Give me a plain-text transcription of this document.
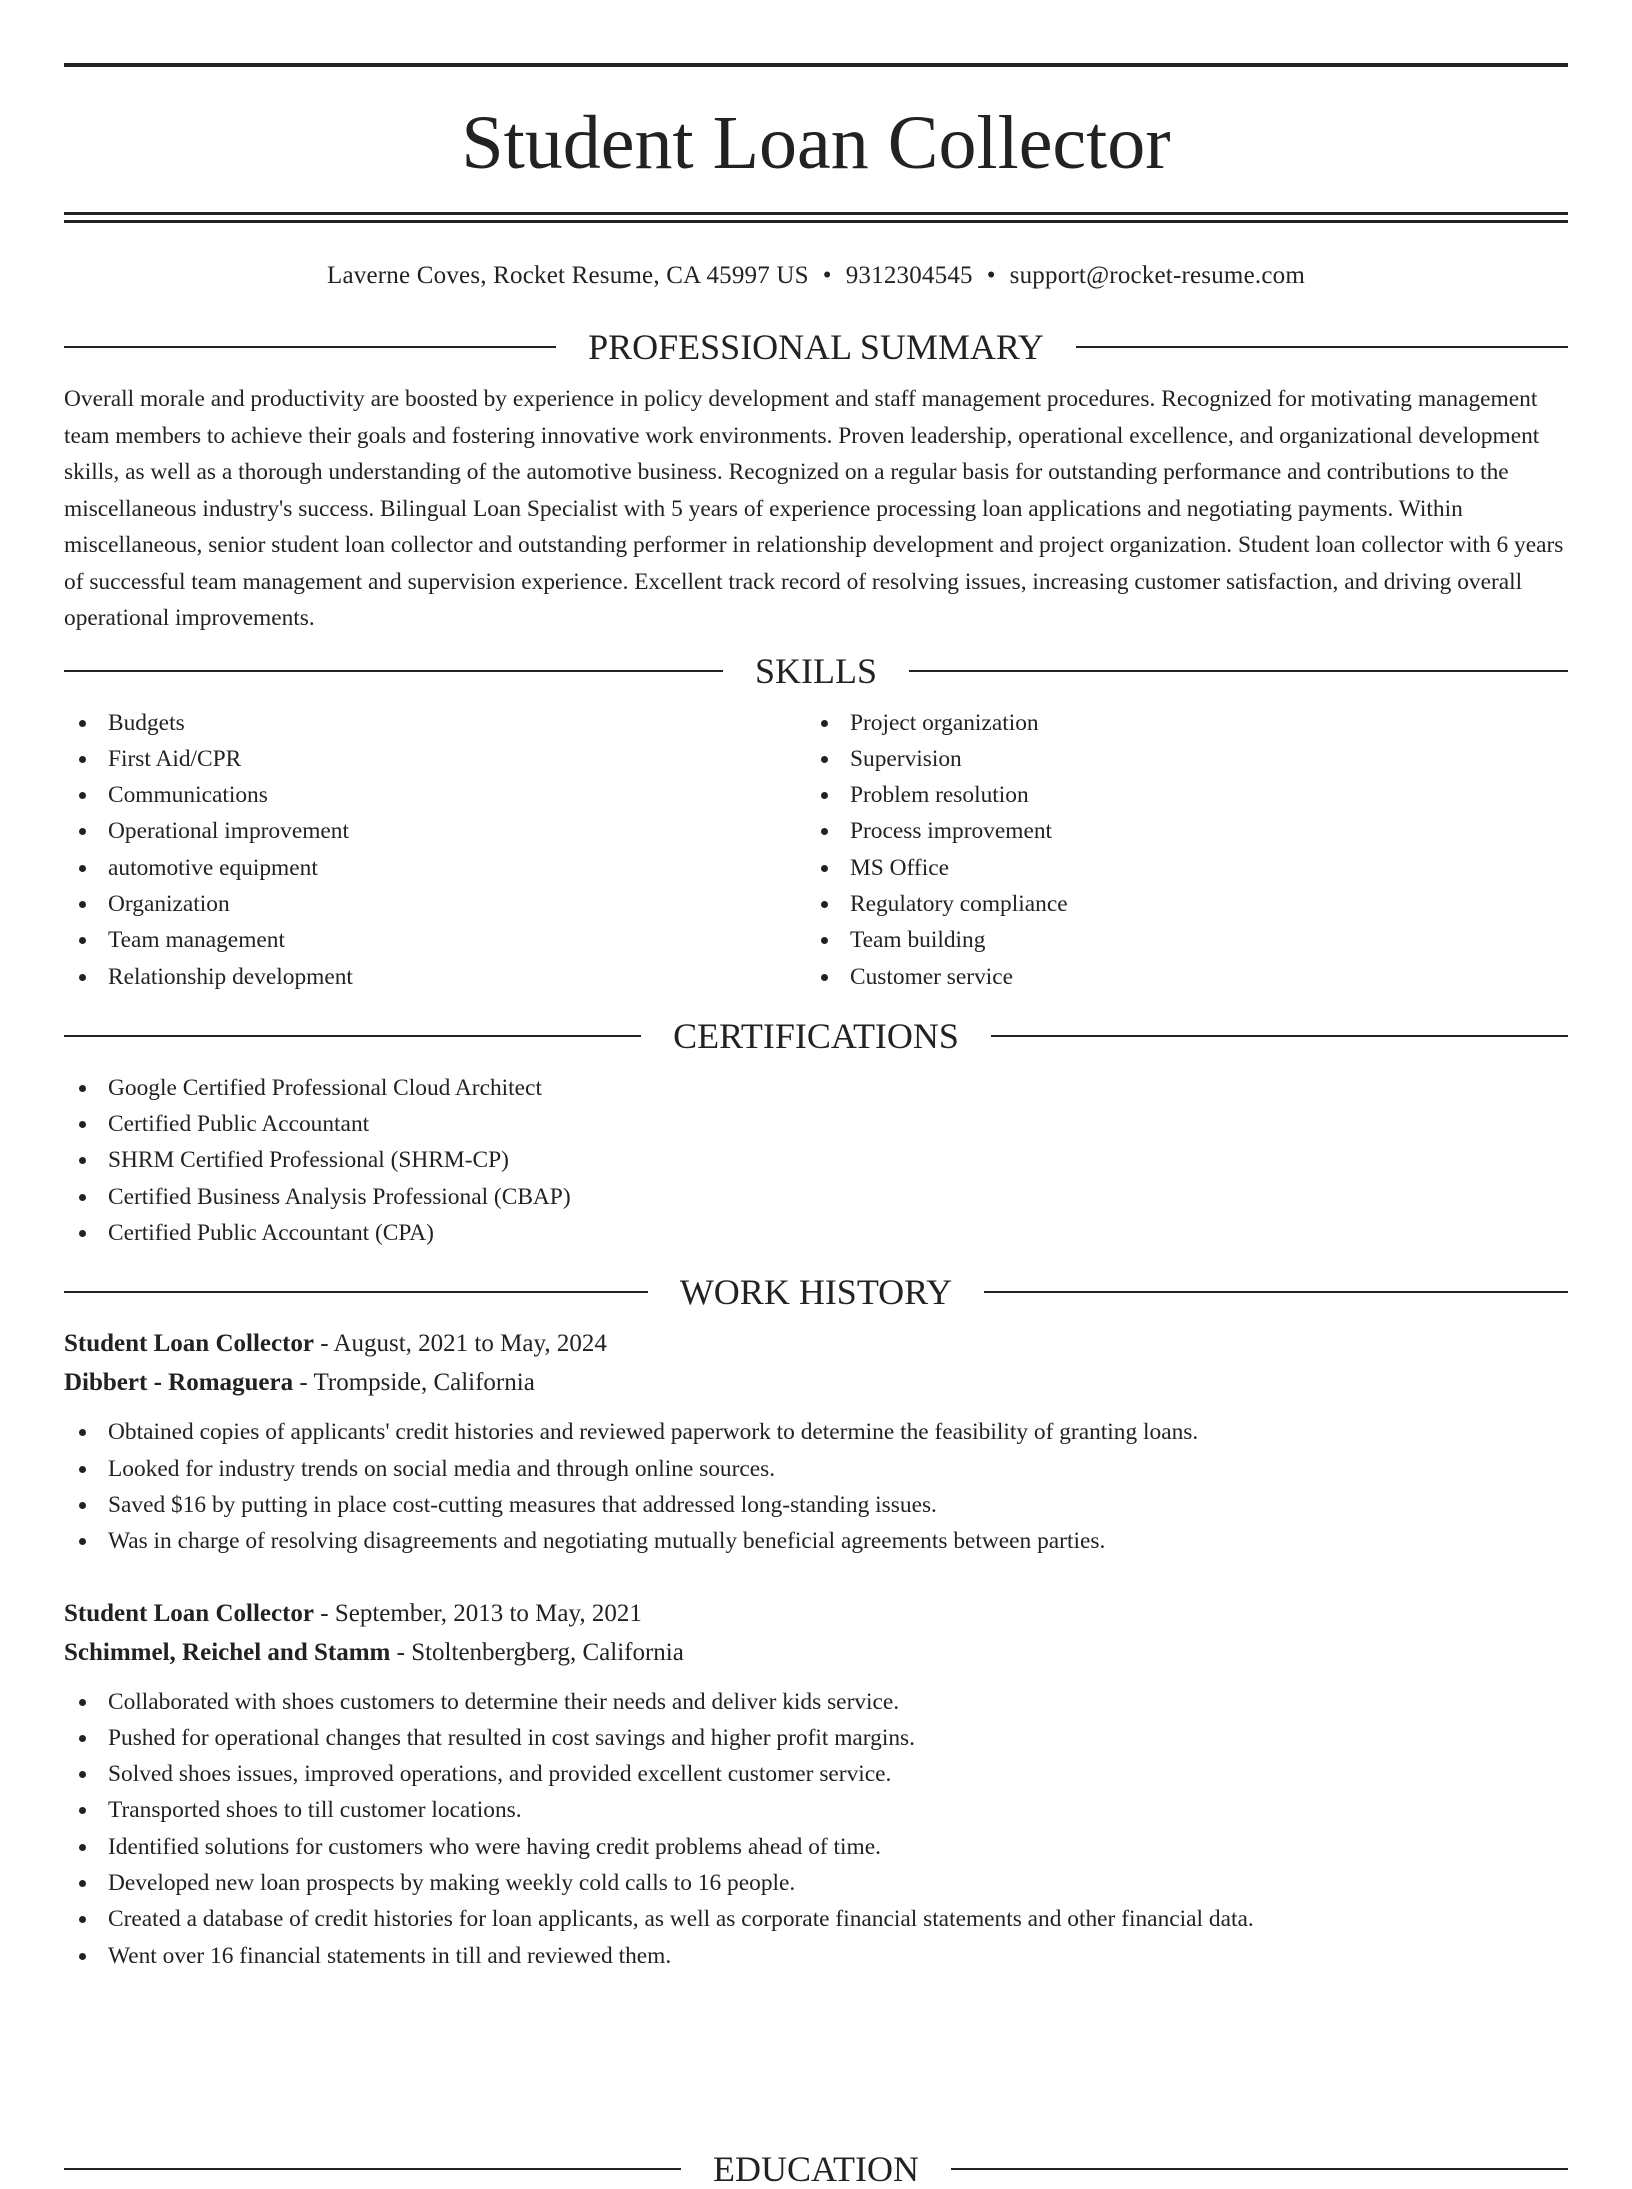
Student Loan Collector
Laverne Coves, Rocket Resume, CA 45997 US • 9312304545 • support@rocket-resume.com
PROFESSIONAL SUMMARY

Overall morale and productivity are boosted by experience in policy development and staff management procedures. Recognized for motivating management team members to achieve their goals and fostering innovative work environments. Proven leadership, operational excellence, and organizational development skills, as well as a thorough understanding of the automotive business. Recognized on a regular basis for outstanding performance and contributions to the miscellaneous industry's success. Bilingual Loan Specialist with 5 years of experience processing loan applications and negotiating payments. Within miscellaneous, senior student loan collector and outstanding performer in relationship development and project organization. Student loan collector with 6 years of successful team management and supervision experience. Excellent track record of resolving issues, increasing customer satisfaction, and driving overall operational improvements.

SKILLS
Budgets
First Aid/CPR
Communications
Operational improvement
automotive equipment
Organization
Team management
Relationship development
Project organization
Supervision
Problem resolution
Process improvement
MS Office
Regulatory compliance
Team building
Customer service
CERTIFICATIONS
Google Certified Professional Cloud Architect
Certified Public Accountant
SHRM Certified Professional (SHRM-CP)
Certified Business Analysis Professional (CBAP)
Certified Public Accountant (CPA)
WORK HISTORY
Student Loan Collector - August, 2021 to May, 2024
Dibbert - Romaguera - Trompside, California
Obtained copies of applicants' credit histories and reviewed paperwork to determine the feasibility of granting loans.
Looked for industry trends on social media and through online sources.
Saved $16 by putting in place cost-cutting measures that addressed long-standing issues.
Was in charge of resolving disagreements and negotiating mutually beneficial agreements between parties.
Student Loan Collector - September, 2013 to May, 2021
Schimmel, Reichel and Stamm - Stoltenbergberg, California
Collaborated with shoes customers to determine their needs and deliver kids service.
Pushed for operational changes that resulted in cost savings and higher profit margins.
Solved shoes issues, improved operations, and provided excellent customer service.
Transported shoes to till customer locations.
Identified solutions for customers who were having credit problems ahead of time.
Developed new loan prospects by making weekly cold calls to 16 people.
Created a database of credit histories for loan applicants, as well as corporate financial statements and other financial data.
Went over 16 financial statements in till and reviewed them.
EDUCATION
